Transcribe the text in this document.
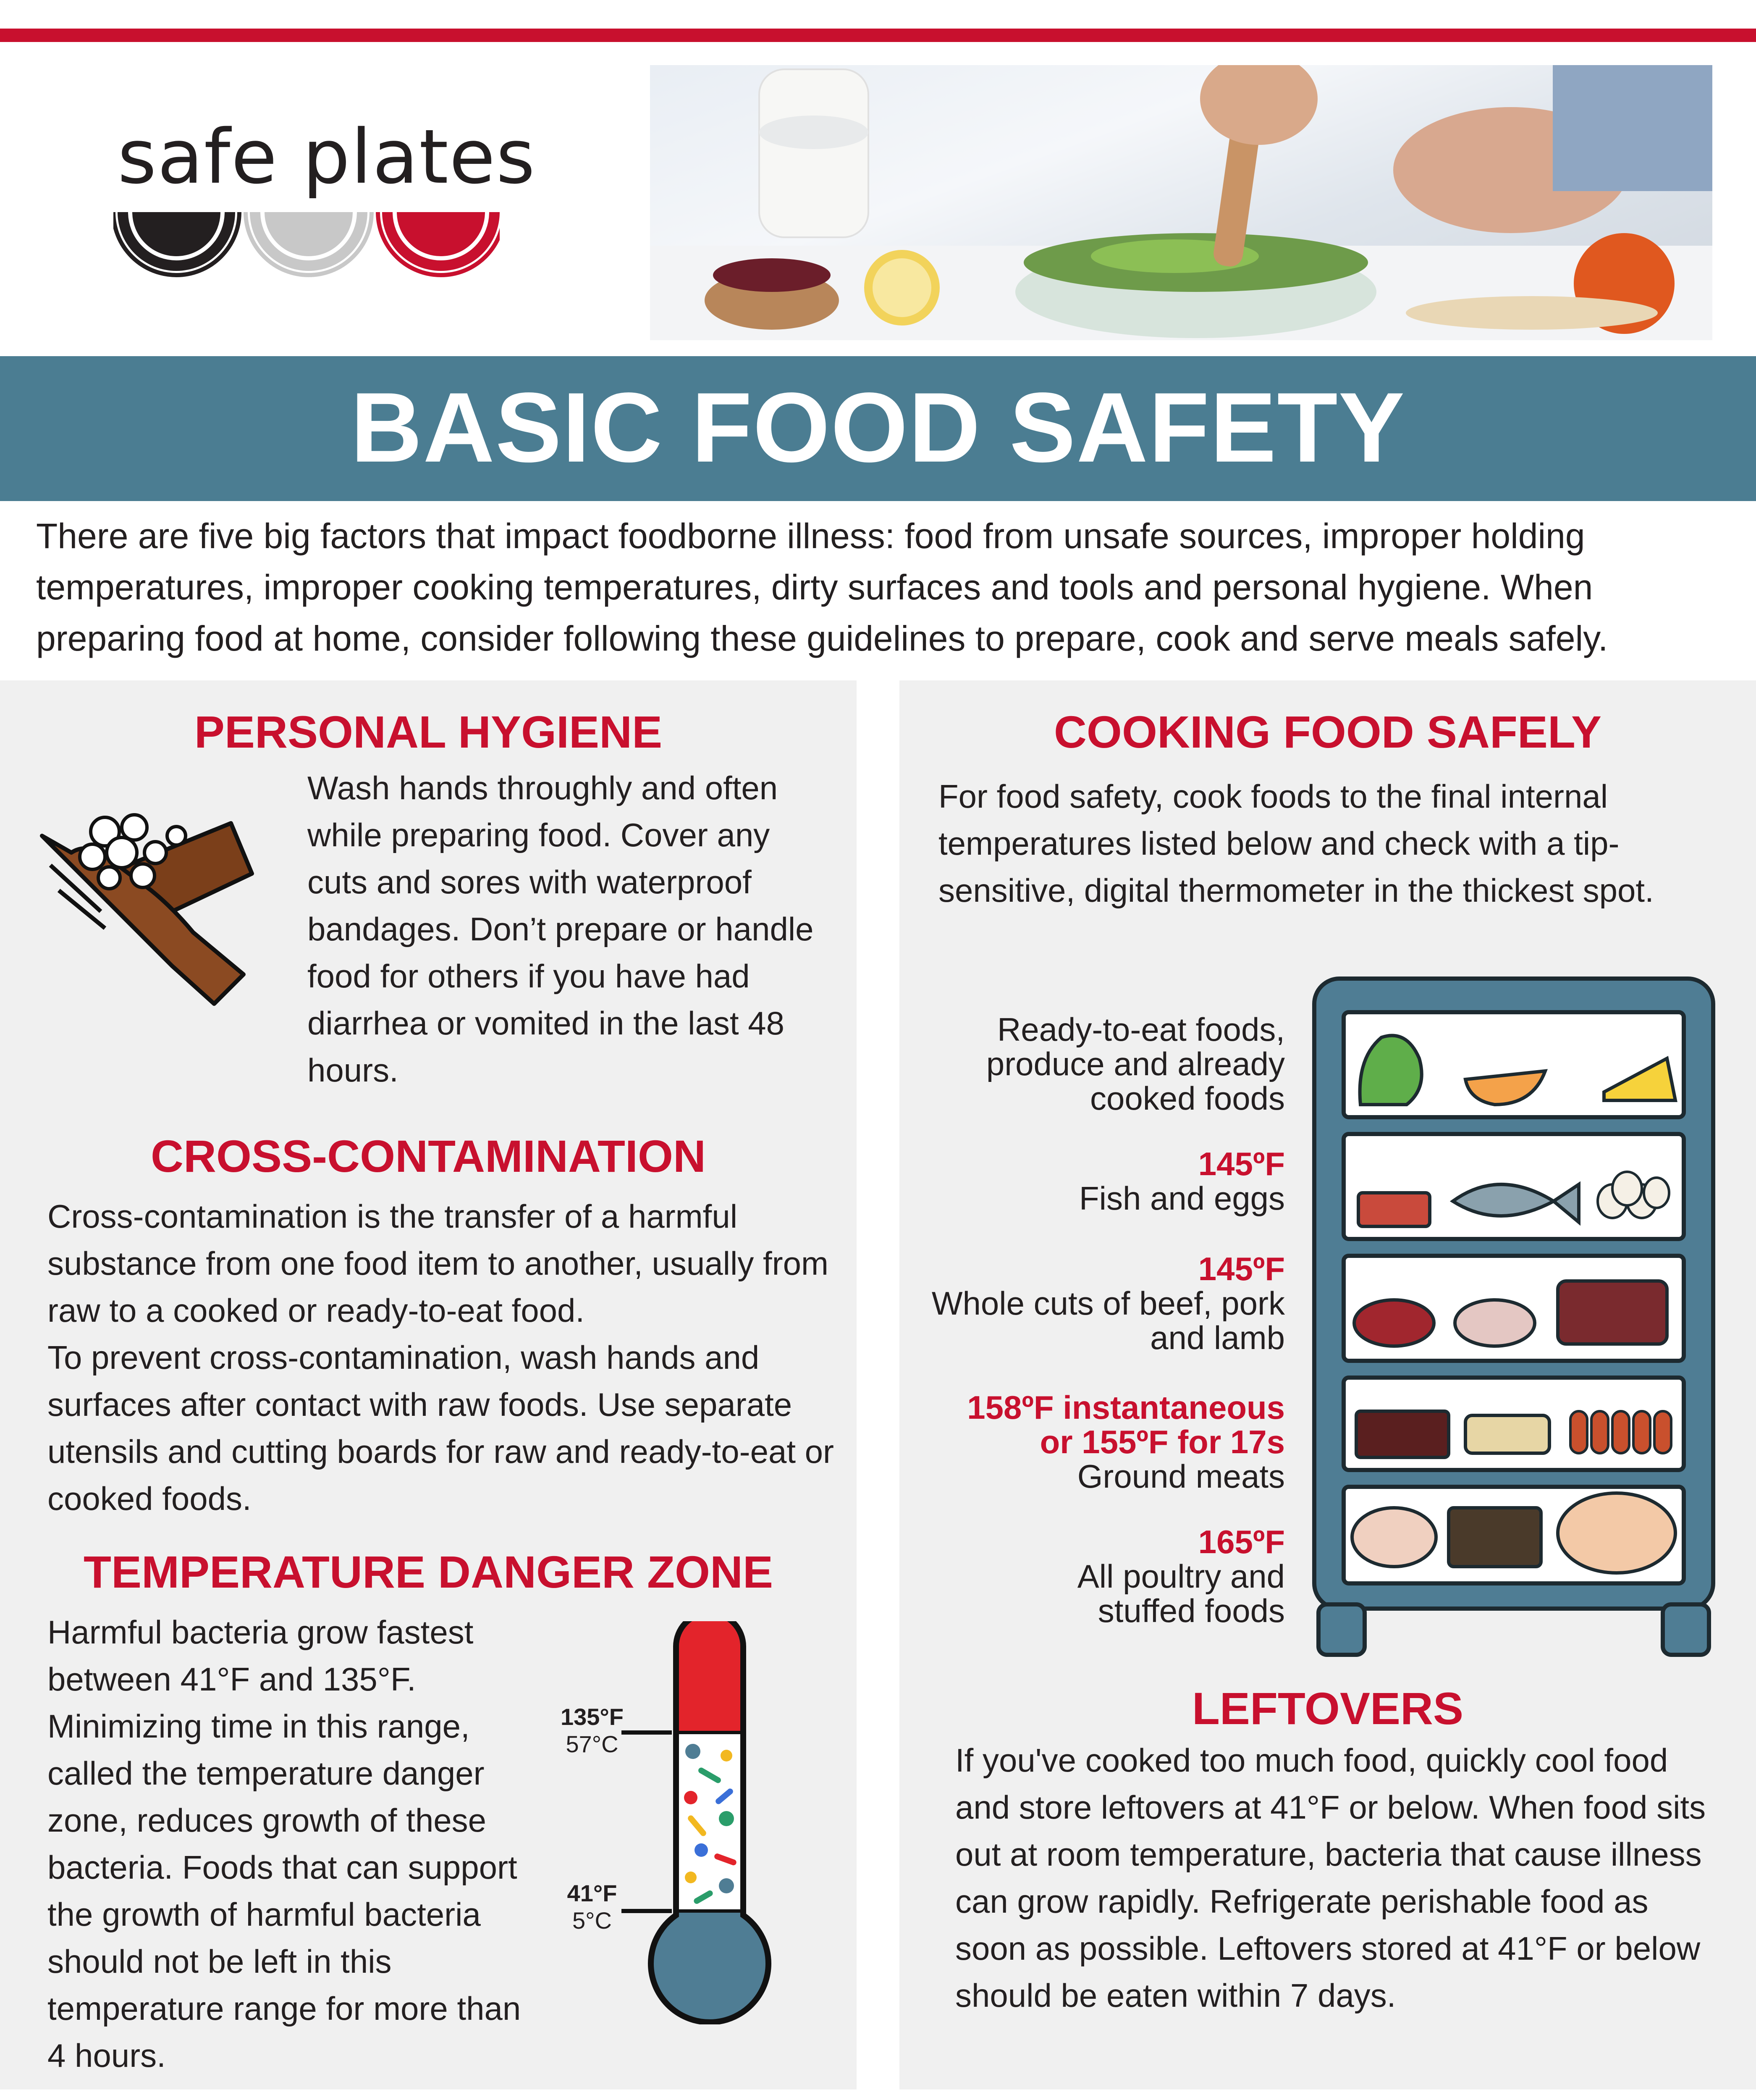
safe plates
BASIC FOOD SAFETY
There are five big factors that impact foodborne illness: food from unsafe sources, improper holding temperatures, improper cooking temperatures, dirty surfaces and tools and personal hygiene. When preparing food at home, consider following these guidelines to prepare, cook and serve meals safely.
PERSONAL HYGIENE
Wash hands throughly and often while preparing food. Cover any cuts and sores with waterproof bandages. Don’t prepare or handle food for others if you have had diarrhea or vomited in the last 48 hours.
CROSS-CONTAMINATION
Cross-contamination is the transfer of a harmful substance from one food item to another, usually from raw to a cooked or ready-to-eat food.
To prevent cross-contamination, wash hands and surfaces after contact with raw foods. Use separate utensils and cutting boards for raw and ready-to-eat or cooked foods.
TEMPERATURE DANGER ZONE
Harmful bacteria grow fastest between 41°F and 135°F. Minimizing time in this range, called the temperature danger zone, reduces growth of these bacteria. Foods that can support the growth of harmful bacteria should not be left in this temperature range for more than 4 hours.
135°F
57°C
41°F
5°C
COOKING FOOD SAFELY
For food safety, cook foods to the final internal temperatures listed below and check with a tip-sensitive, digital thermometer in the thickest spot.
Ready-to-eat foods, produce and already cooked foods
145ºF
Fish and eggs
145ºF
Whole cuts of beef, pork and lamb
158ºF instantaneous or 155ºF for 17s
Ground meats
165ºF
All poultry and stuffed foods
LEFTOVERS
If you've cooked too much food, quickly cool food and store leftovers at 41°F or below. When food sits out at room temperature, bacteria that cause illness can grow rapidly. Refrigerate perishable food as soon as possible. Leftovers stored at 41°F or below should be eaten within 7 days.
